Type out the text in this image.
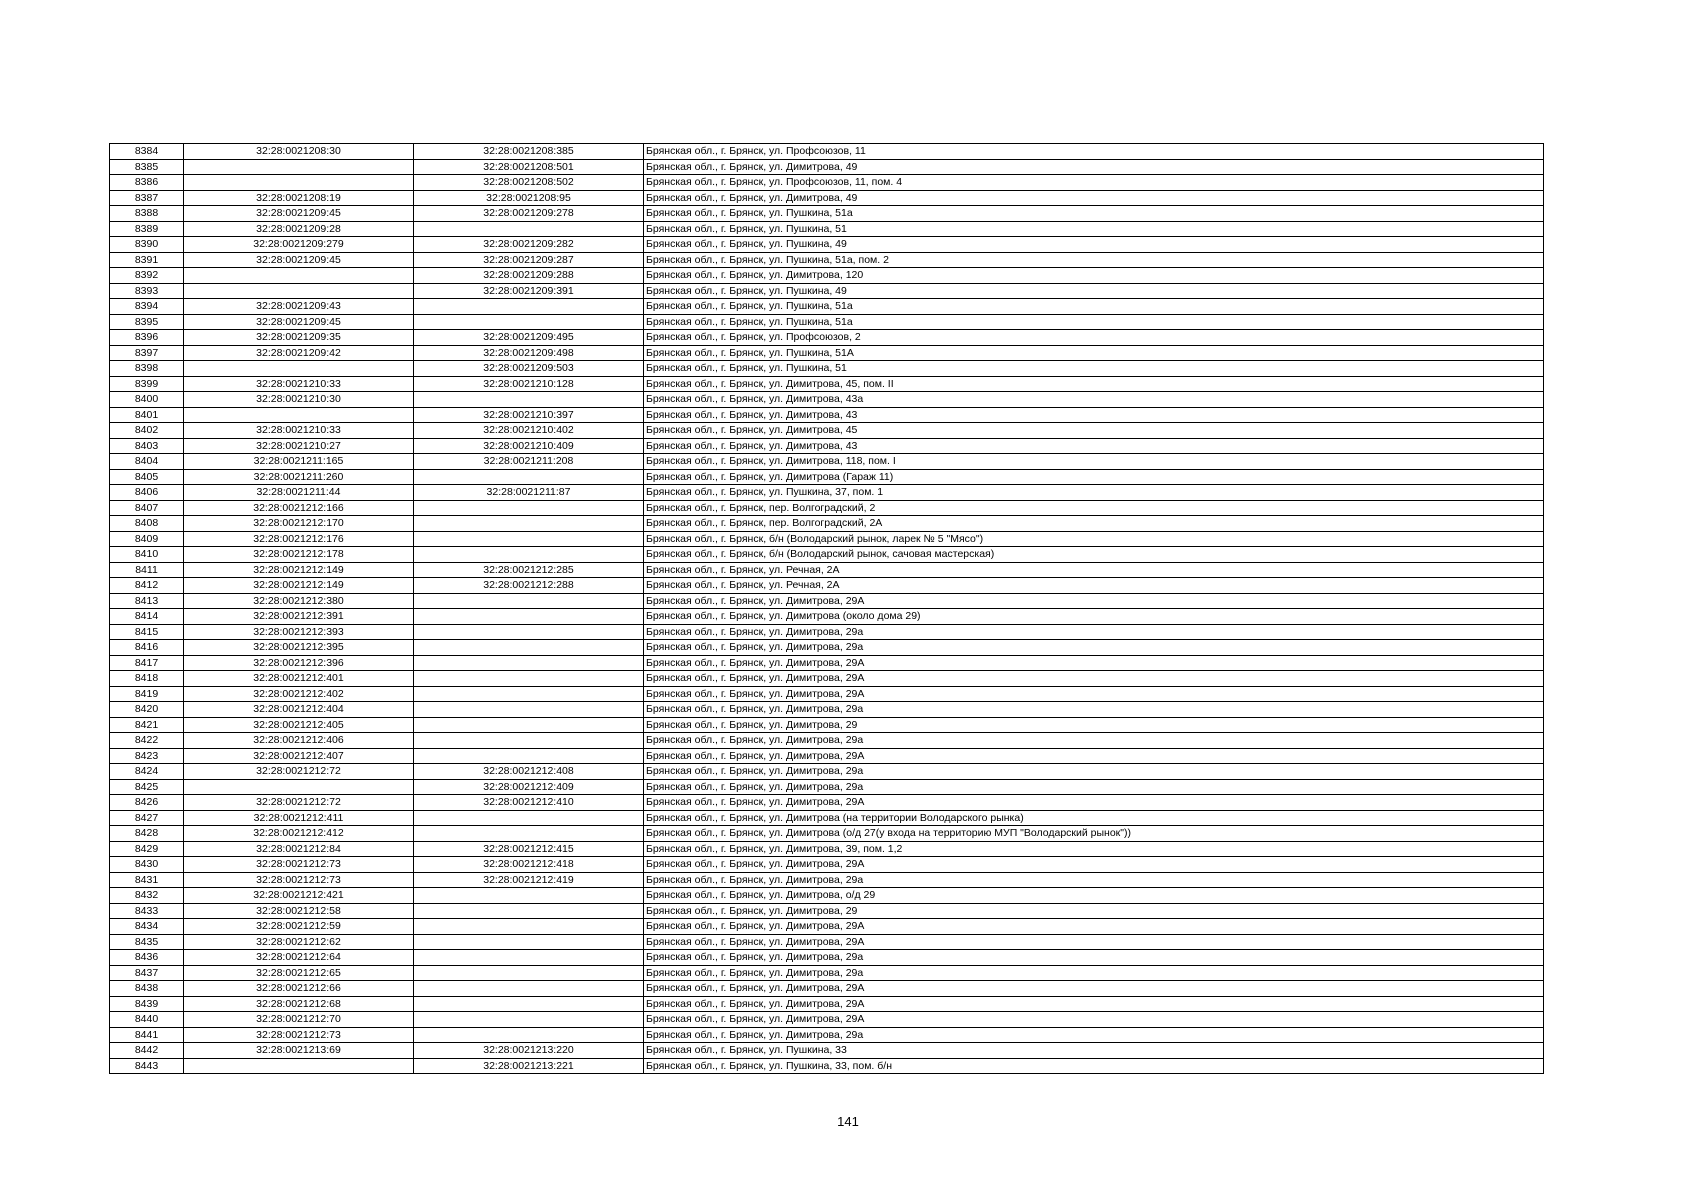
8384	32:28:0021208:30	32:28:0021208:385	Брянская обл., г. Брянск, ул. Профсоюзов, 11
8385		32:28:0021208:501	Брянская обл., г. Брянск, ул. Димитрова, 49
8386		32:28:0021208:502	Брянская обл., г. Брянск, ул. Профсоюзов, 11, пом. 4
8387	32:28:0021208:19	32:28:0021208:95	Брянская обл., г. Брянск, ул. Димитрова, 49
8388	32:28:0021209:45	32:28:0021209:278	Брянская обл., г. Брянск, ул. Пушкина, 51а
8389	32:28:0021209:28		Брянская обл., г. Брянск, ул. Пушкина, 51
8390	32:28:0021209:279	32:28:0021209:282	Брянская обл., г. Брянск, ул. Пушкина, 49
8391	32:28:0021209:45	32:28:0021209:287	Брянская обл., г. Брянск, ул. Пушкина, 51а, пом. 2
8392		32:28:0021209:288	Брянская обл., г. Брянск, ул. Димитрова, 120
8393		32:28:0021209:391	Брянская обл., г. Брянск, ул. Пушкина, 49
8394	32:28:0021209:43		Брянская обл., г. Брянск, ул. Пушкина, 51а
8395	32:28:0021209:45		Брянская обл., г. Брянск, ул. Пушкина, 51а
8396	32:28:0021209:35	32:28:0021209:495	Брянская обл., г. Брянск, ул. Профсоюзов, 2
8397	32:28:0021209:42	32:28:0021209:498	Брянская обл., г. Брянск, ул. Пушкина, 51А
8398		32:28:0021209:503	Брянская обл., г. Брянск, ул. Пушкина, 51
8399	32:28:0021210:33	32:28:0021210:128	Брянская обл., г. Брянск, ул. Димитрова, 45, пом. II
8400	32:28:0021210:30		Брянская обл., г. Брянск, ул. Димитрова, 43а
8401		32:28:0021210:397	Брянская обл., г. Брянск, ул. Димитрова, 43
8402	32:28:0021210:33	32:28:0021210:402	Брянская обл., г. Брянск, ул. Димитрова, 45
8403	32:28:0021210:27	32:28:0021210:409	Брянская обл., г. Брянск, ул. Димитрова, 43
8404	32:28:0021211:165	32:28:0021211:208	Брянская обл., г. Брянск, ул. Димитрова, 118, пом. I
8405	32:28:0021211:260		Брянская обл., г. Брянск, ул. Димитрова (Гараж 11)
8406	32:28:0021211:44	32:28:0021211:87	Брянская обл., г. Брянск, ул. Пушкина, 37, пом. 1
8407	32:28:0021212:166		Брянская обл., г. Брянск, пер. Волгоградский, 2
8408	32:28:0021212:170		Брянская обл., г. Брянск, пер. Волгоградский, 2А
8409	32:28:0021212:176		Брянская обл., г. Брянск, б/н (Володарский рынок, ларек № 5 "Мясо")
8410	32:28:0021212:178		Брянская обл., г. Брянск, б/н (Володарский рынок, сачовая мастерская)
8411	32:28:0021212:149	32:28:0021212:285	Брянская обл., г. Брянск, ул. Речная, 2А
8412	32:28:0021212:149	32:28:0021212:288	Брянская обл., г. Брянск, ул. Речная, 2А
8413	32:28:0021212:380		Брянская обл., г. Брянск, ул. Димитрова, 29А
8414	32:28:0021212:391		Брянская обл., г. Брянск, ул. Димитрова (около дома 29)
8415	32:28:0021212:393		Брянская обл., г. Брянск, ул. Димитрова, 29а
8416	32:28:0021212:395		Брянская обл., г. Брянск, ул. Димитрова, 29а
8417	32:28:0021212:396		Брянская обл., г. Брянск, ул. Димитрова, 29А
8418	32:28:0021212:401		Брянская обл., г. Брянск, ул. Димитрова, 29А
8419	32:28:0021212:402		Брянская обл., г. Брянск, ул. Димитрова, 29А
8420	32:28:0021212:404		Брянская обл., г. Брянск, ул. Димитрова, 29а
8421	32:28:0021212:405		Брянская обл., г. Брянск, ул. Димитрова, 29
8422	32:28:0021212:406		Брянская обл., г. Брянск, ул. Димитрова, 29а
8423	32:28:0021212:407		Брянская обл., г. Брянск, ул. Димитрова, 29А
8424	32:28:0021212:72	32:28:0021212:408	Брянская обл., г. Брянск, ул. Димитрова, 29а
8425		32:28:0021212:409	Брянская обл., г. Брянск, ул. Димитрова, 29а
8426	32:28:0021212:72	32:28:0021212:410	Брянская обл., г. Брянск, ул. Димитрова, 29А
8427	32:28:0021212:411		Брянская обл., г. Брянск, ул. Димитрова (на территории Володарского рынка)
8428	32:28:0021212:412		Брянская обл., г. Брянск, ул. Димитрова (о/д 27(у входа на территорию МУП "Володарский рынок"))
8429	32:28:0021212:84	32:28:0021212:415	Брянская обл., г. Брянск, ул. Димитрова, 39, пом. 1,2
8430	32:28:0021212:73	32:28:0021212:418	Брянская обл., г. Брянск, ул. Димитрова, 29А
8431	32:28:0021212:73	32:28:0021212:419	Брянская обл., г. Брянск, ул. Димитрова, 29а
8432	32:28:0021212:421		Брянская обл., г. Брянск, ул. Димитрова, о/д 29
8433	32:28:0021212:58		Брянская обл., г. Брянск, ул. Димитрова, 29
8434	32:28:0021212:59		Брянская обл., г. Брянск, ул. Димитрова, 29А
8435	32:28:0021212:62		Брянская обл., г. Брянск, ул. Димитрова, 29А
8436	32:28:0021212:64		Брянская обл., г. Брянск, ул. Димитрова, 29а
8437	32:28:0021212:65		Брянская обл., г. Брянск, ул. Димитрова, 29а
8438	32:28:0021212:66		Брянская обл., г. Брянск, ул. Димитрова, 29А
8439	32:28:0021212:68		Брянская обл., г. Брянск, ул. Димитрова, 29А
8440	32:28:0021212:70		Брянская обл., г. Брянск, ул. Димитрова, 29А
8441	32:28:0021212:73		Брянская обл., г. Брянск, ул. Димитрова, 29а
8442	32:28:0021213:69	32:28:0021213:220	Брянская обл., г. Брянск, ул. Пушкина, 33
8443		32:28:0021213:221	Брянская обл., г. Брянск, ул. Пушкина, 33, пом. б/н
141
